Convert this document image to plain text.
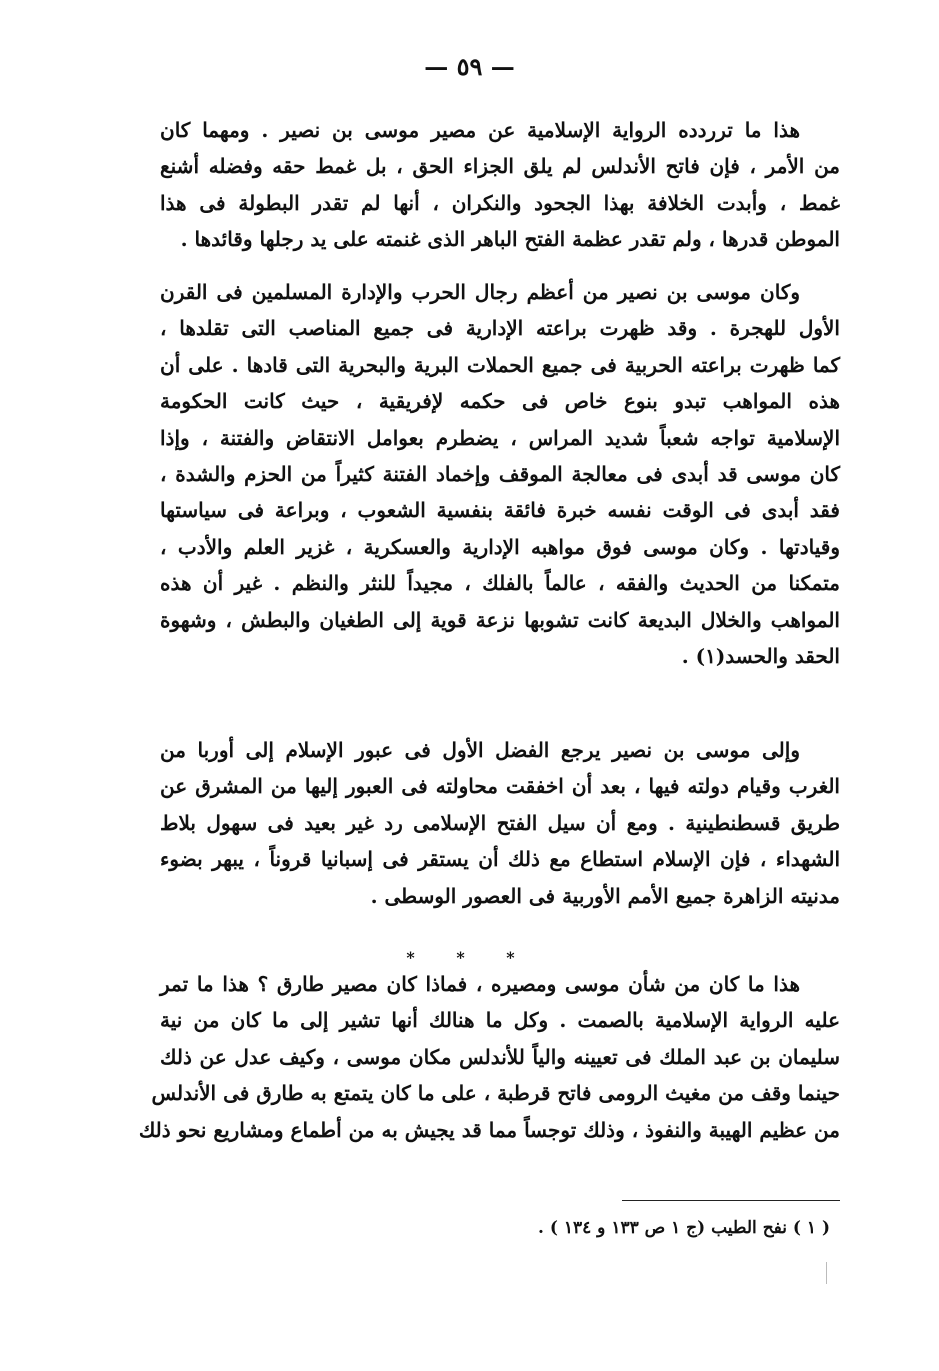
— ٥٩ —
هذا ما ترردده الرواية الإسلامية عن مصير موسى بن نصير . ومهما كان
من الأمر ، فإن فاتح الأندلس لم يلق الجزاء الحق ، بل غمط حقه وفضله أشنع
غمط ، وأبدت الخلافة بهذا الجحود والنكران ، أنها لم تقدر البطولة فى هذا
الموطن قدرها ، ولم تقدر عظمة الفتح الباهر الذى غنمته على يد رجلها وقائدها .
وكان موسى بن نصير من أعظم رجال الحرب والإدارة المسلمين فى القرن
الأول للهجرة . وقد ظهرت براعته الإدارية فى جميع المناصب التى تقلدها ،
كما ظهرت براعته الحربية فى جميع الحملات البرية والبحرية التى قادها . على أن
هذه المواهب تبدو بنوع خاص فى حكمه لإفريقية ، حيث كانت الحكومة
الإسلامية تواجه شعباً شديد المراس ، يضطرم بعوامل الانتقاض والفتنة ، وإذا
كان موسى قد أبدى فى معالجة الموقف وإخماد الفتنة كثيراً من الحزم والشدة ،
فقد أبدى فى الوقت نفسه خبرة فائقة بنفسية الشعوب ، وبراعة فى سياستها
وقيادتها . وكان موسى فوق مواهبه الإدارية والعسكرية ، غزير العلم والأدب ،
متمكنا من الحديث والفقه ، عالماً بالفلك ، مجيداً للنثر والنظم . غير أن هذه
المواهب والخلال البديعة كانت تشوبها نزعة قوية إلى الطغيان والبطش ، وشهوة
الحقد والحسد(١) .
وإلى موسى بن نصير يرجع الفضل الأول فى عبور الإسلام إلى أوربا من
الغرب وقيام دولته فيها ، بعد أن اخفقت محاولته فى العبور إليها من المشرق عن
طريق قسطنطينية . ومع أن سيل الفتح الإسلامى رد غير بعيد فى سهول بلاط
الشهداء ، فإن الإسلام استطاع مع ذلك أن يستقر فى إسبانيا قروناً ، يبهر بضوء
مدنيته الزاهرة جميع الأمم الأوربية فى العصور الوسطى .
* * *
هذا ما كان من شأن موسى ومصيره ، فماذا كان مصير طارق ؟ هذا ما تمر
عليه الرواية الإسلامية بالصمت . وكل ما هنالك أنها تشير إلى ما كان من نية
سليمان بن عبد الملك فى تعيينه والياً للأندلس مكان موسى ، وكيف عدل عن ذلك
حينما وقف من مغيث الرومى فاتح قرطبة ، على ما كان يتمتع به طارق فى الأندلس
من عظيم الهيبة والنفوذ ، وذلك توجساً مما قد يجيش به من أطماع ومشاريع نحو ذلك
( ١ ) نفح الطيب (ج ١ ص ١٣٣ و ١٣٤ ) .
